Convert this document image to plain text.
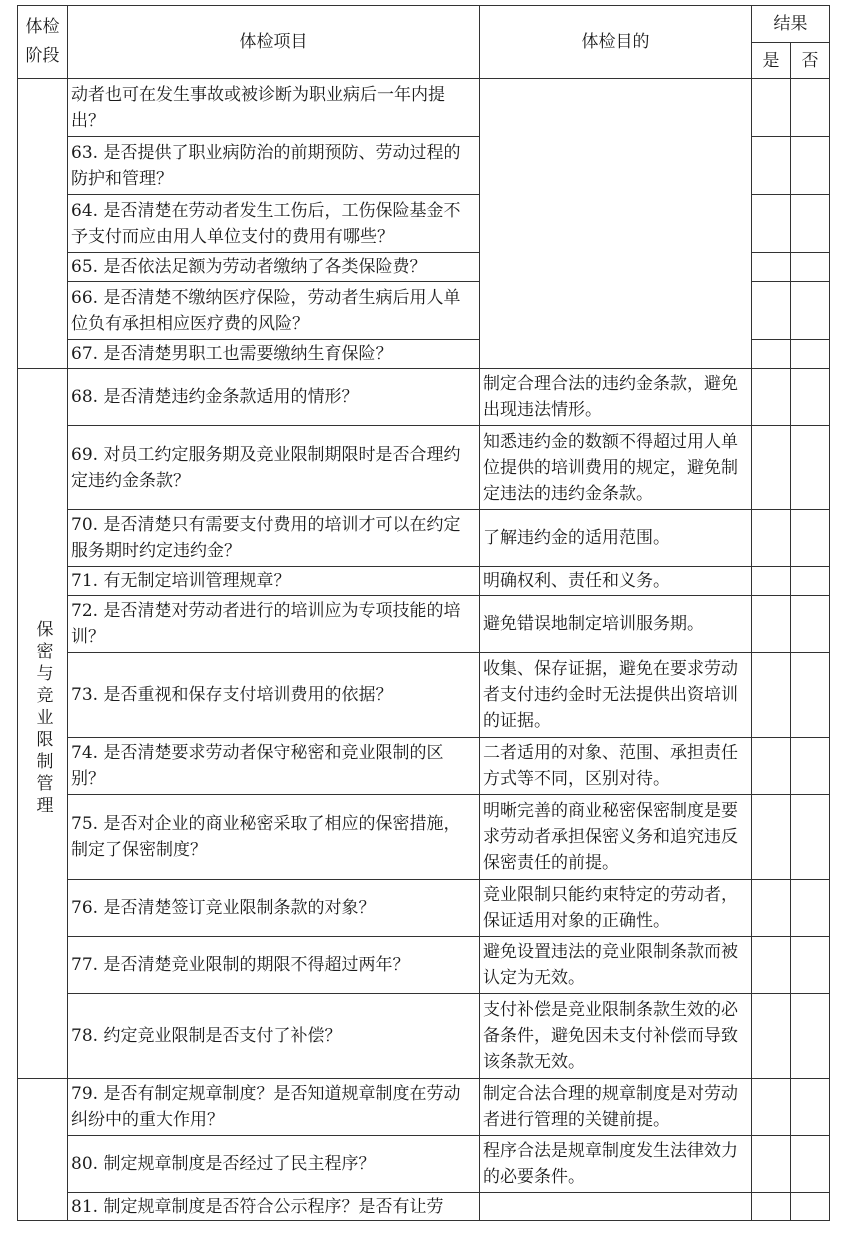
体检阶段	体检项目	体检目的	结果	
			是	否
	动者也可在发生事故或被诊断为职业病后一年内提出？			
	63. 是否提供了职业病防治的前期预防、劳动过程的防护和管理？			
	64. 是否清楚在劳动者发生工伤后，工伤保险基金不予支付而应由用人单位支付的费用有哪些？			
	65. 是否依法足额为劳动者缴纳了各类保险费？			
	66. 是否清楚不缴纳医疗保险，劳动者生病后用人单位负有承担相应医疗费的风险？			
	67. 是否清楚男职工也需要缴纳生育保险？			
保密与竞业限制管理	68. 是否清楚违约金条款适用的情形？	制定合理合法的违约金条款，避免出现违法情形。		
	69. 对员工约定服务期及竞业限制期限时是否合理约定违约金条款？	知悉违约金的数额不得超过用人单位提供的培训费用的规定，避免制定违法的违约金条款。		
	70. 是否清楚只有需要支付费用的培训才可以在约定服务期时约定违约金？	了解违约金的适用范围。		
	71. 有无制定培训管理规章？	明确权利、责任和义务。		
	72. 是否清楚对劳动者进行的培训应为专项技能的培训？	避免错误地制定培训服务期。		
	73. 是否重视和保存支付培训费用的依据？	收集、保存证据，避免在要求劳动者支付违约金时无法提供出资培训的证据。		
	74. 是否清楚要求劳动者保守秘密和竞业限制的区别？	二者适用的对象、范围、承担责任方式等不同，区别对待。		
	75. 是否对企业的商业秘密采取了相应的保密措施，制定了保密制度？	明晰完善的商业秘密保密制度是要求劳动者承担保密义务和追究违反保密责任的前提。		
	76. 是否清楚签订竞业限制条款的对象？	竞业限制只能约束特定的劳动者，保证适用对象的正确性。		
	77. 是否清楚竞业限制的期限不得超过两年？	避免设置违法的竞业限制条款而被认定为无效。		
	78. 约定竞业限制是否支付了补偿？	支付补偿是竞业限制条款生效的必备条件，避免因未支付补偿而导致该条款无效。		
	79. 是否有制定规章制度？是否知道规章制度在劳动纠纷中的重大作用？	制定合法合理的规章制度是对劳动者进行管理的关键前提。		
	80. 制定规章制度是否经过了民主程序？	程序合法是规章制度发生法律效力的必要条件。		
	81. 制定规章制度是否符合公示程序？是否有让劳			
